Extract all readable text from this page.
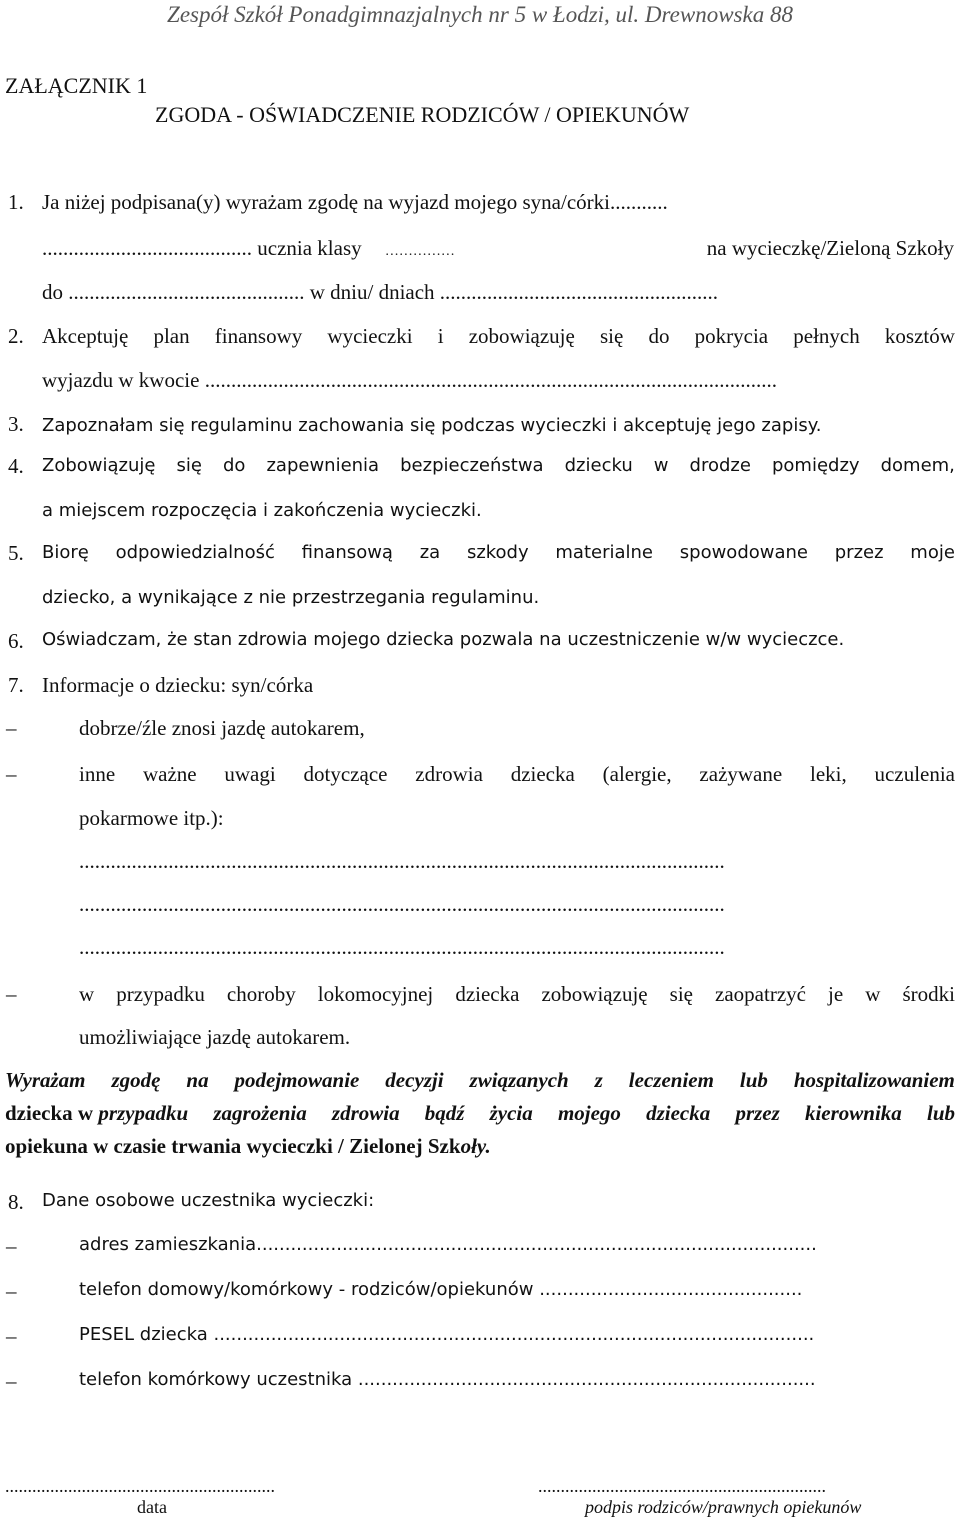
Zespół Szkół Ponadgimnazjalnych nr 5 w Łodzi, ul. Drewnowska 88
ZAŁĄCZNIK 1
ZGODA - OŚWIADCZENIE RODZICÓW / OPIEKUNÓW
1. Ja niżej podpisana(y) wyrażam zgodę na wyjazd mojego syna/córki...........
........................................ ucznia klasy ……………	na wycieczkę/Zieloną Szkoły
do ............................................. w dniu/ dniach .....................................................
2. Akceptuję plan finansowy wycieczki i zobowiązuję się do pokrycia pełnych kosztów
wyjazdu w kwocie .............................................................................................................
3. Zapoznałam się regulaminu zachowania się podczas wycieczki i akceptuję jego zapisy.
4. Zobowiązuję się do zapewnienia bezpieczeństwa dziecku w drodze pomiędzy domem,
a miejscem rozpoczęcia i zakończenia wycieczki.
5. Biorę odpowiedzialność finansową za szkody materialne spowodowane przez moje
dziecko, a wynikające z nie przestrzegania regulaminu.
6. Oświadczam, że stan zdrowia mojego dziecka pozwala na uczestniczenie w/w wycieczce.
7. Informacje o dziecku: syn/córka
–	dobrze/źle znosi jazdę autokarem,
–	inne ważne uwagi dotyczące zdrowia dziecka (alergie, zażywane leki, uczulenia
pokarmowe itp.):
...........................................................................................................................
...........................................................................................................................
...........................................................................................................................
–	w przypadku choroby lokomocyjnej dziecka zobowiązuję się zaopatrzyć je w środki
umożliwiające jazdę autokarem.
Wyrażam zgodę na podejmowanie decyzji związanych z leczeniem lub hospitalizowaniem
dziecka w przypadku zagrożenia zdrowia bądź życia mojego dziecka przez kierownika lub
opiekuna w czasie trwania wycieczki / Zielonej Szkoły.
8. Dane osobowe uczestnika wycieczki:
–	adres zamieszkania..................................................................................................
–	telefon domowy/komórkowy - rodziców/opiekunów ..............................................
–	PESEL dziecka .........................................................................................................
–	telefon komórkowy uczestnika ................................................................................
............................................................	................................................................
data	podpis rodziców/prawnych opiekunów
